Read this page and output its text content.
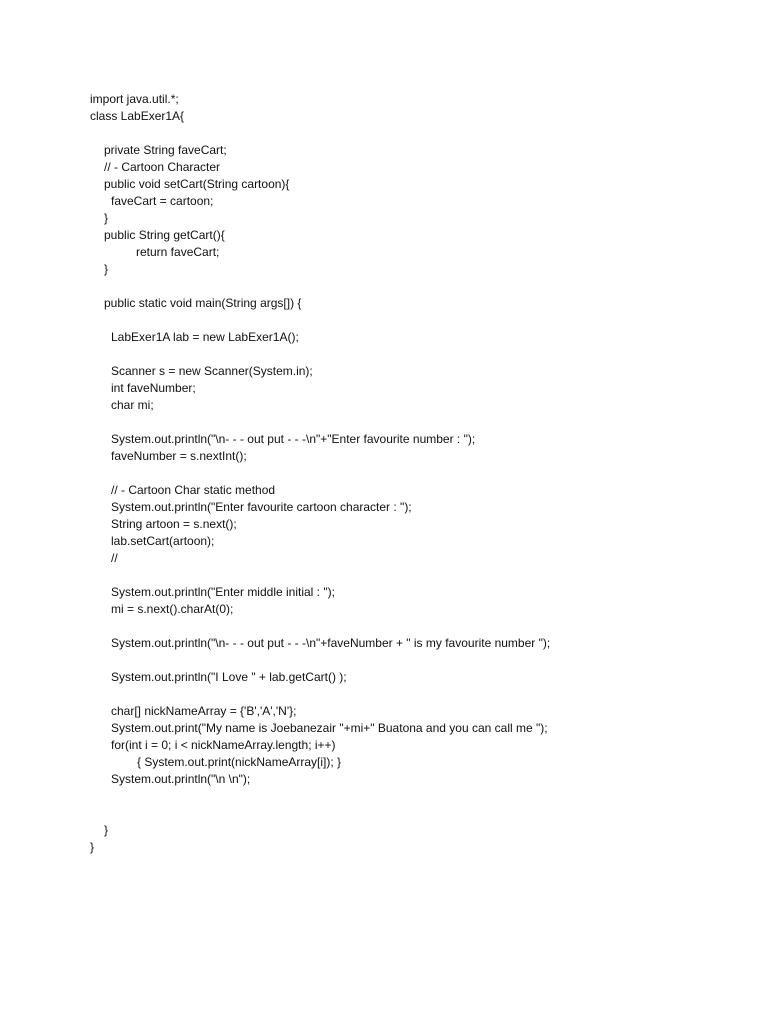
import java.util.*;
class LabExer1A{
private String faveCart;
// - Cartoon Character
public void setCart(String cartoon){
faveCart = cartoon;
}
public String getCart(){
return faveCart;
}
public static void main(String args[]) {
LabExer1A lab = new LabExer1A();
Scanner s = new Scanner(System.in);
int faveNumber;
char mi;
System.out.println("\n- - - out put - - -\n"+"Enter favourite number : ");
faveNumber = s.nextInt();
// - Cartoon Char static method
System.out.println("Enter favourite cartoon character : ");
String artoon = s.next();
lab.setCart(artoon);
//
System.out.println("Enter middle initial : ");
mi = s.next().charAt(0);
System.out.println("\n- - - out put - - -\n"+faveNumber + " is my favourite number ");
System.out.println("I Love " + lab.getCart() );
char[] nickNameArray = {'B','A','N'};
System.out.print("My name is Joebanezair "+mi+" Buatona and you can call me ");
for(int i = 0; i < nickNameArray.length; i++)
{ System.out.print(nickNameArray[i]); }
System.out.println("\n \n");
}
}
